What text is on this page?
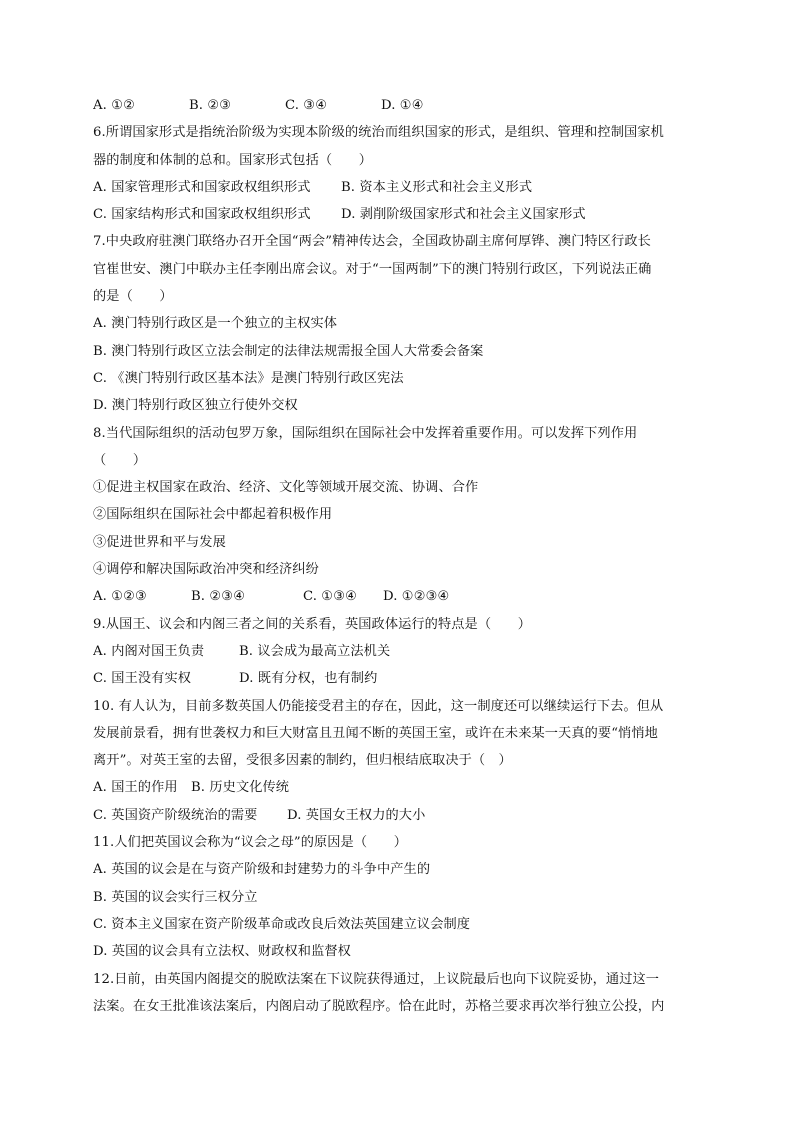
A. ①②	B. ②③	C. ③④	D. ①④
6.所谓国家形式是指统治阶级为实现本阶级的统治而组织国家的形式，是组织、管理和控制国家机
器的制度和体制的总和。国家形式包括（　　）
A. 国家管理形式和国家政权组织形式 B. 资本主义形式和社会主义形式
C. 国家结构形式和国家政权组织形式 D. 剥削阶级国家形式和社会主义国家形式
7.中央政府驻澳门联络办召开全国“两会”精神传达会，全国政协副主席何厚铧、澳门特区行政长
官崔世安、澳门中联办主任李刚出席会议。对于“一国两制”下的澳门特别行政区，下列说法正确
的是（　　）
A. 澳门特别行政区是一个独立的主权实体
B. 澳门特别行政区立法会制定的法律法规需报全国人大常委会备案
C. 《澳门特别行政区基本法》是澳门特别行政区宪法
D. 澳门特别行政区独立行使外交权
8.当代国际组织的活动包罗万象，国际组织在国际社会中发挥着重要作用。可以发挥下列作用
（　　）
①促进主权国家在政治、经济、文化等领域开展交流、协调、合作
②国际组织在国际社会中都起着积极作用
③促进世界和平与发展
④调停和解决国际政治冲突和经济纠纷
A. ①②③	B. ②③④	C. ①③④ D. ①②③④
9.从国王、议会和内阁三者之间的关系看，英国政体运行的特点是（　　）
A. 内阁对国王负责	B. 议会成为最高立法机关
C. 国王没有实权	D. 既有分权，也有制约
10. 有人认为，目前多数英国人仍能接受君主的存在，因此，这一制度还可以继续运行下去。但从
发展前景看，拥有世袭权力和巨大财富且丑闻不断的英国王室，或许在未来某一天真的要“悄悄地
离开”。对英王室的去留，受很多因素的制约，但归根结底取决于（　）
A. 国王的作用 B. 历史文化传统
C. 英国资产阶级统治的需要 D. 英国女王权力的大小
11.人们把英国议会称为“议会之母”的原因是（　　）
A. 英国的议会是在与资产阶级和封建势力的斗争中产生的
B. 英国的议会实行三权分立
C. 资本主义国家在资产阶级革命或改良后效法英国建立议会制度
D. 英国的议会具有立法权、财政权和监督权
12.日前，由英国内阁提交的脱欧法案在下议院获得通过，上议院最后也向下议院妥协，通过这一
法案。在女王批准该法案后，内阁启动了脱欧程序。恰在此时，苏格兰要求再次举行独立公投，内
